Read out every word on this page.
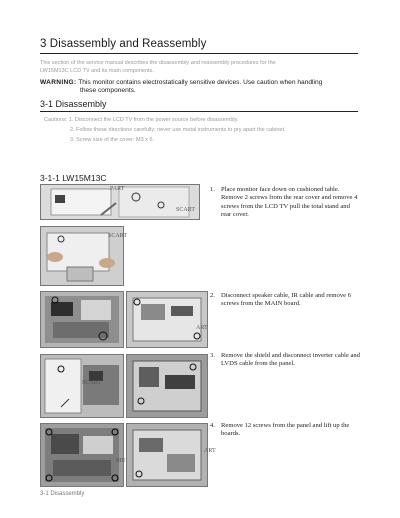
3 Disassembly and Reassembly
This section of the service manual describes the disassembly and reassembly procedures for the
LW15M13C LCD TV and its main components.
WARNING: This monitor contains electrostatically sensitive devices. Use caution when handling
these components.
3-1 Disassembly
Cautions: 1. Disconnect the LCD TV from the power source before disassembly.
2. Follow these directions carefully; never use metal instruments to pry apart the cabinet.
3. Screw size of the cover: M3 x 6.
3-1-1 LW15M13C
PART
SCART
SCART
ART
SCART
MU
ART
1. Place monitor face down on cushioned table. Remove 2 screws from the rear cover and remove 4 screws from the LCD TV pull the total stand and rear cover.
2. Disconnect speaker cable, IR cable and remove 6 screws from the MAIN board.
3. Remove the shield and disconnect inverter cable and LVDS cable from the panel.
4. Remove 12 screws from the panel and lift up the boards.
3-1 Disassembly
